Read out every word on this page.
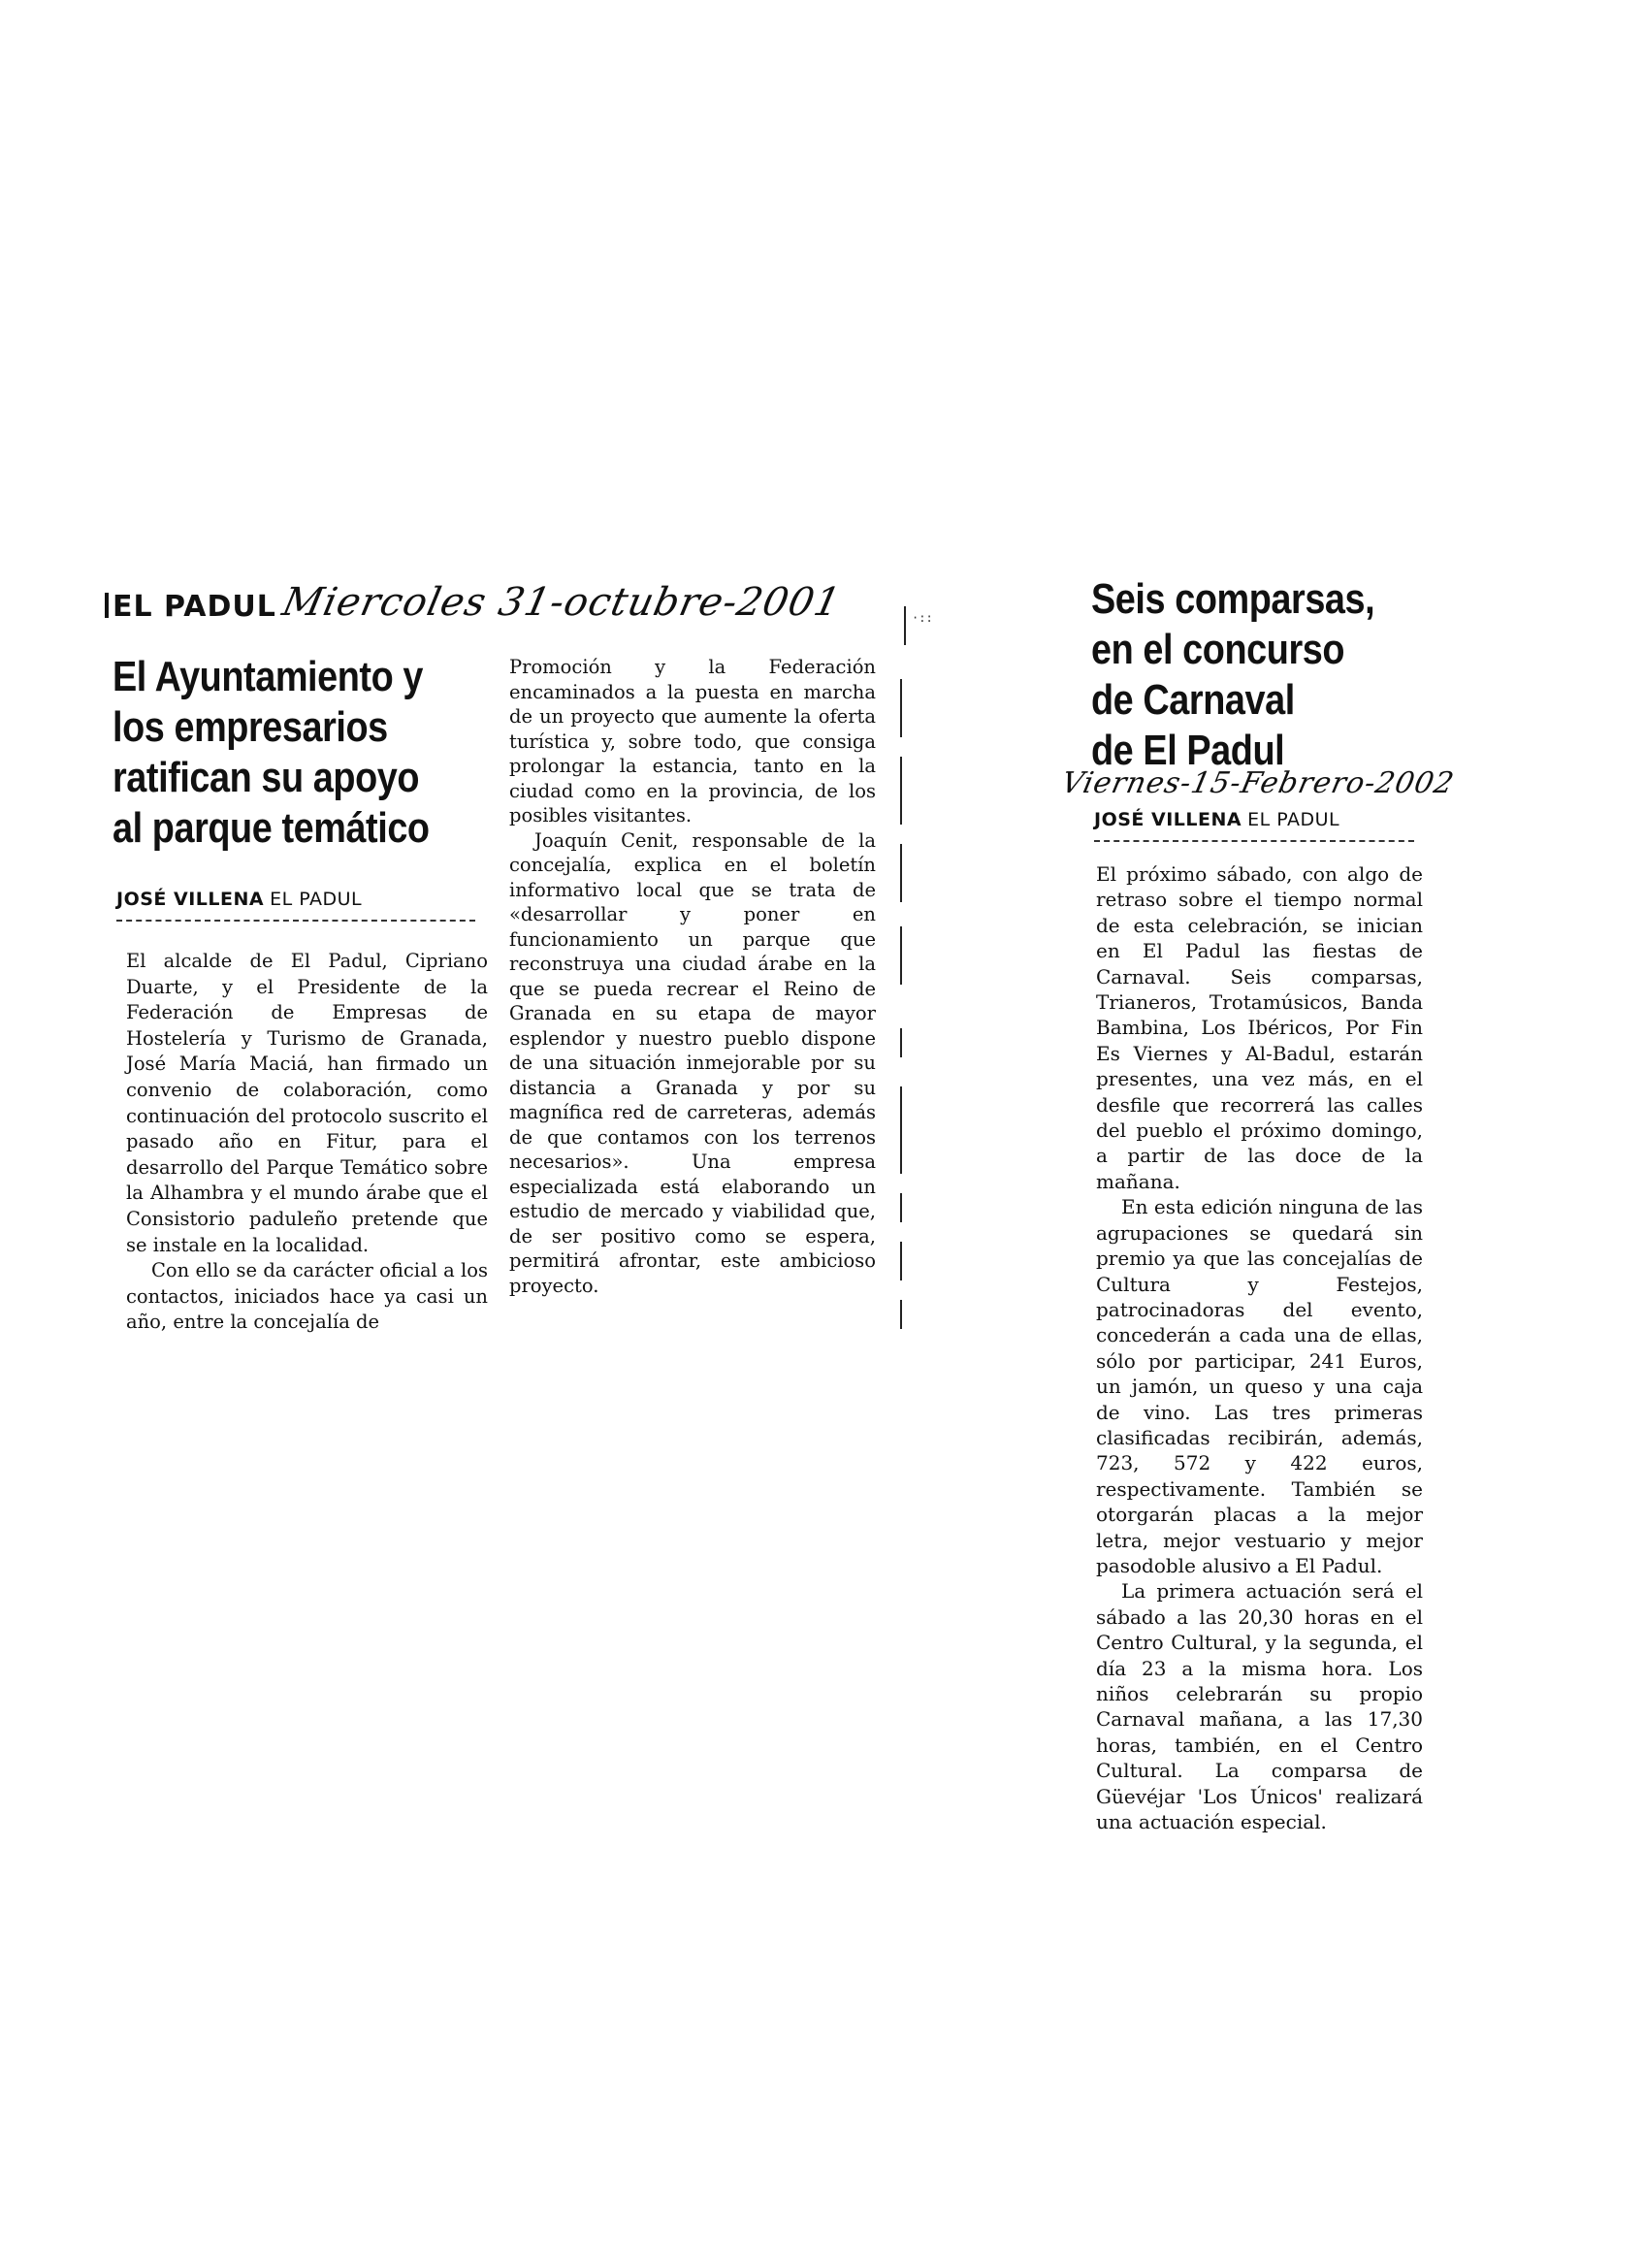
EL PADUL Miercoles 31-octubre-2001
El Ayuntamiento y
los empresarios
ratifican su apoyo
al parque temático
JOSÉ VILLENA EL PADUL

El alcalde de El Padul, Cipriano Duarte, y el Presidente de la Federación de Empresas de Hostelería y Turismo de Granada, José María Maciá, han firmado un convenio de colaboración, como continuación del protocolo suscrito el pasado año en Fitur, para el desarrollo del Parque Temático sobre la Alhambra y el mundo árabe que el Consistorio paduleño pretende que se instale en la localidad.

Con ello se da carácter oficial a los contactos, iniciados hace ya casi un año, entre la concejalía de

Promoción y la Federación encaminados a la puesta en marcha de un proyecto que aumente la oferta turística y, sobre todo, que consiga prolongar la estancia, tanto en la ciudad como en la provincia, de los posibles visitantes.

Joaquín Cenit, responsable de la concejalía, explica en el boletín informativo local que se trata de «desarrollar y poner en funcionamiento un parque que reconstruya una ciudad árabe en la que se pueda recrear el Reino de Granada en su etapa de mayor esplendor y nuestro pueblo dispone de una situación inmejorable por su distancia a Granada y por su magnífica red de carreteras, además de que contamos con los terrenos necesarios». Una empresa especializada está elaborando un estudio de mercado y viabilidad que, de ser positivo como se espera, permitirá afrontar, este ambicioso proyecto.

·::	Seis comparsas,
en el concurso
de Carnaval
de El Padul
Viernes-15-Febrero-2002
JOSÉ VILLENA EL PADUL

El próximo sábado, con algo de retraso sobre el tiempo normal de esta celebración, se inician en El Padul las fiestas de Carnaval. Seis comparsas, Trianeros, Trotamúsicos, Banda Bambina, Los Ibéricos, Por Fin Es Viernes y Al-Badul, estarán presentes, una vez más, en el desfile que recorrerá las calles del pueblo el próximo domingo, a partir de las doce de la mañana.

En esta edición ninguna de las agrupaciones se quedará sin premio ya que las concejalías de Cultura y Festejos, patrocinadoras del evento, concederán a cada una de ellas, sólo por participar, 241 Euros, un jamón, un queso y una caja de vino. Las tres primeras clasificadas recibirán, además, 723, 572 y 422 euros, respectivamente. También se otorgarán placas a la mejor letra, mejor vestuario y mejor pasodoble alusivo a El Padul.

La primera actuación será el sábado a las 20,30 horas en el Centro Cultural, y la segunda, el día 23 a la misma hora. Los niños celebrarán su propio Carnaval mañana, a las 17,30 horas, también, en el Centro Cultural. La comparsa de Güevéjar 'Los Únicos' realizará una actuación especial.
